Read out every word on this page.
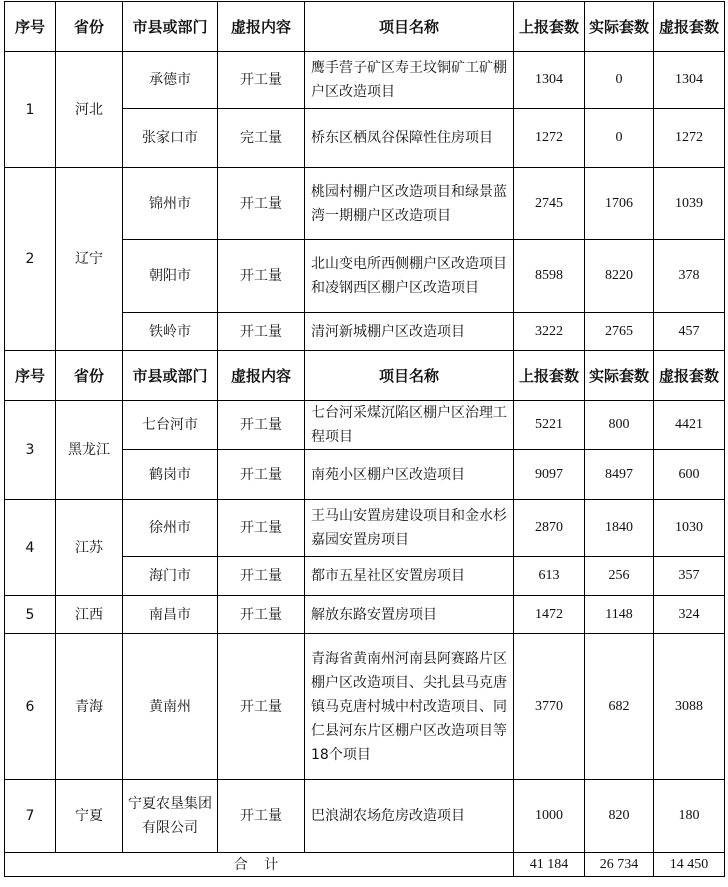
序号	省份	市县或部门	虚报内容	项目名称	上报套数	实际套数	虚报套数
1	河北	承德市	开工量	鹰手营子矿区寿王坟铜矿工矿棚户区改造项目	1304	0	1304
		张家口市	完工量	桥东区栖凤谷保障性住房项目	1272	0	1272
2	辽宁	锦州市	开工量	桃园村棚户区改造项目和绿景蓝湾一期棚户区改造项目	2745	1706	1039
		朝阳市	开工量	北山变电所西侧棚户区改造项目和凌钢西区棚户区改造项目	8598	8220	378
		铁岭市	开工量	清河新城棚户区改造项目	3222	2765	457
序号	省份	市县或部门	虚报内容	项目名称	上报套数	实际套数	虚报套数
3	黑龙江	七台河市	开工量	七台河采煤沉陷区棚户区治理工程项目	5221	800	4421
		鹤岗市	开工量	南苑小区棚户区改造项目	9097	8497	600
4	江苏	徐州市	开工量	王马山安置房建设项目和金水杉嘉园安置房项目	2870	1840	1030
		海门市	开工量	都市五星社区安置房项目	613	256	357
5	江西	南昌市	开工量	解放东路安置房项目	1472	1148	324
6	青海	黄南州	开工量	青海省黄南州河南县阿赛路片区棚户区改造项目、尖扎县马克唐镇马克唐村城中村改造项目、同仁县河东片区棚户区改造项目等18个项目	3770	682	3088
7	宁夏	宁夏农垦集团有限公司	开工量	巴浪湖农场危房改造项目	1000	820	180
合 计					41 184	26 734	14 450
